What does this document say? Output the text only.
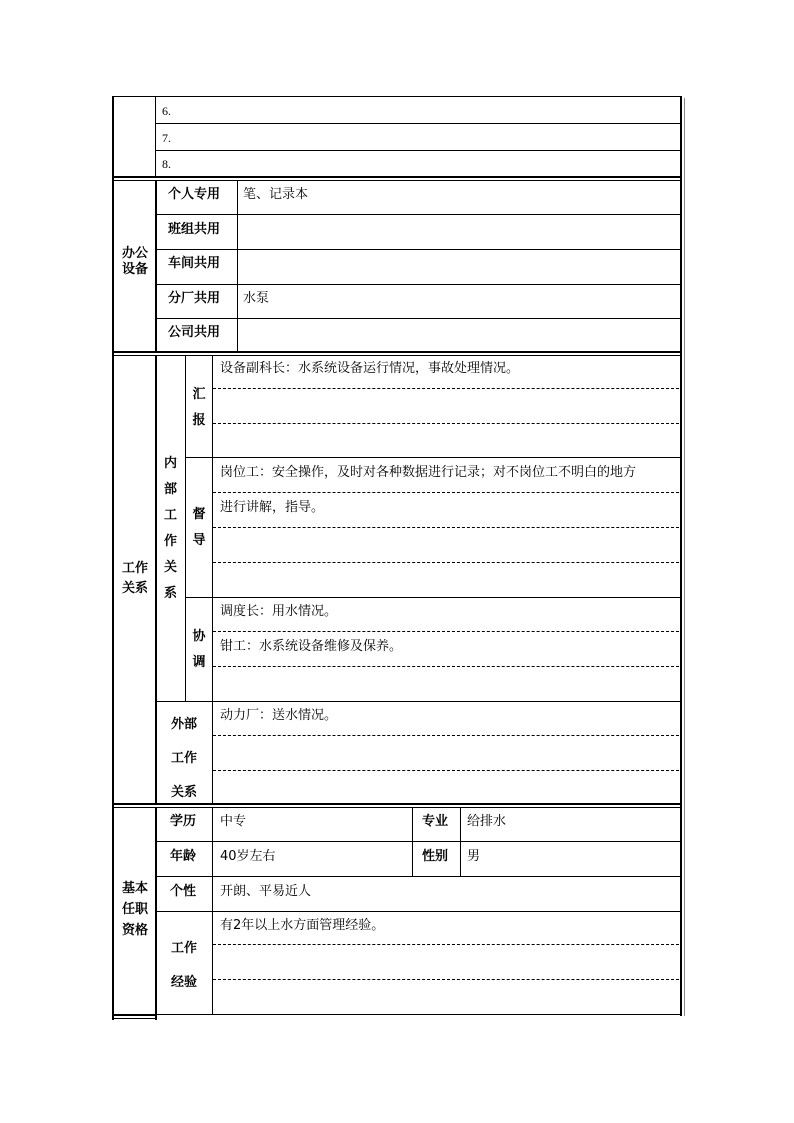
6.
7.
8.
办公
设备
个人专用 笔、记录本
班组共用
车间共用
分厂共用 水泵
公司共用
工作
关系
内
部
工
作
关
系
汇
报
设备副科长：水系统设备运行情况，事故处理情况。
督
导
岗位工：安全操作，及时对各种数据进行记录；对不岗位工不明白的地方
进行讲解，指导。
协
调
调度长：用水情况。
钳工：水系统设备维修及保养。
外部
工作
关系
动力厂：送水情况。
基本
任职
资格
学历 中专	专业 给排水
年龄 40岁左右	性别 男
个性 开朗、平易近人
工作
经验
有2年以上水方面管理经验。
